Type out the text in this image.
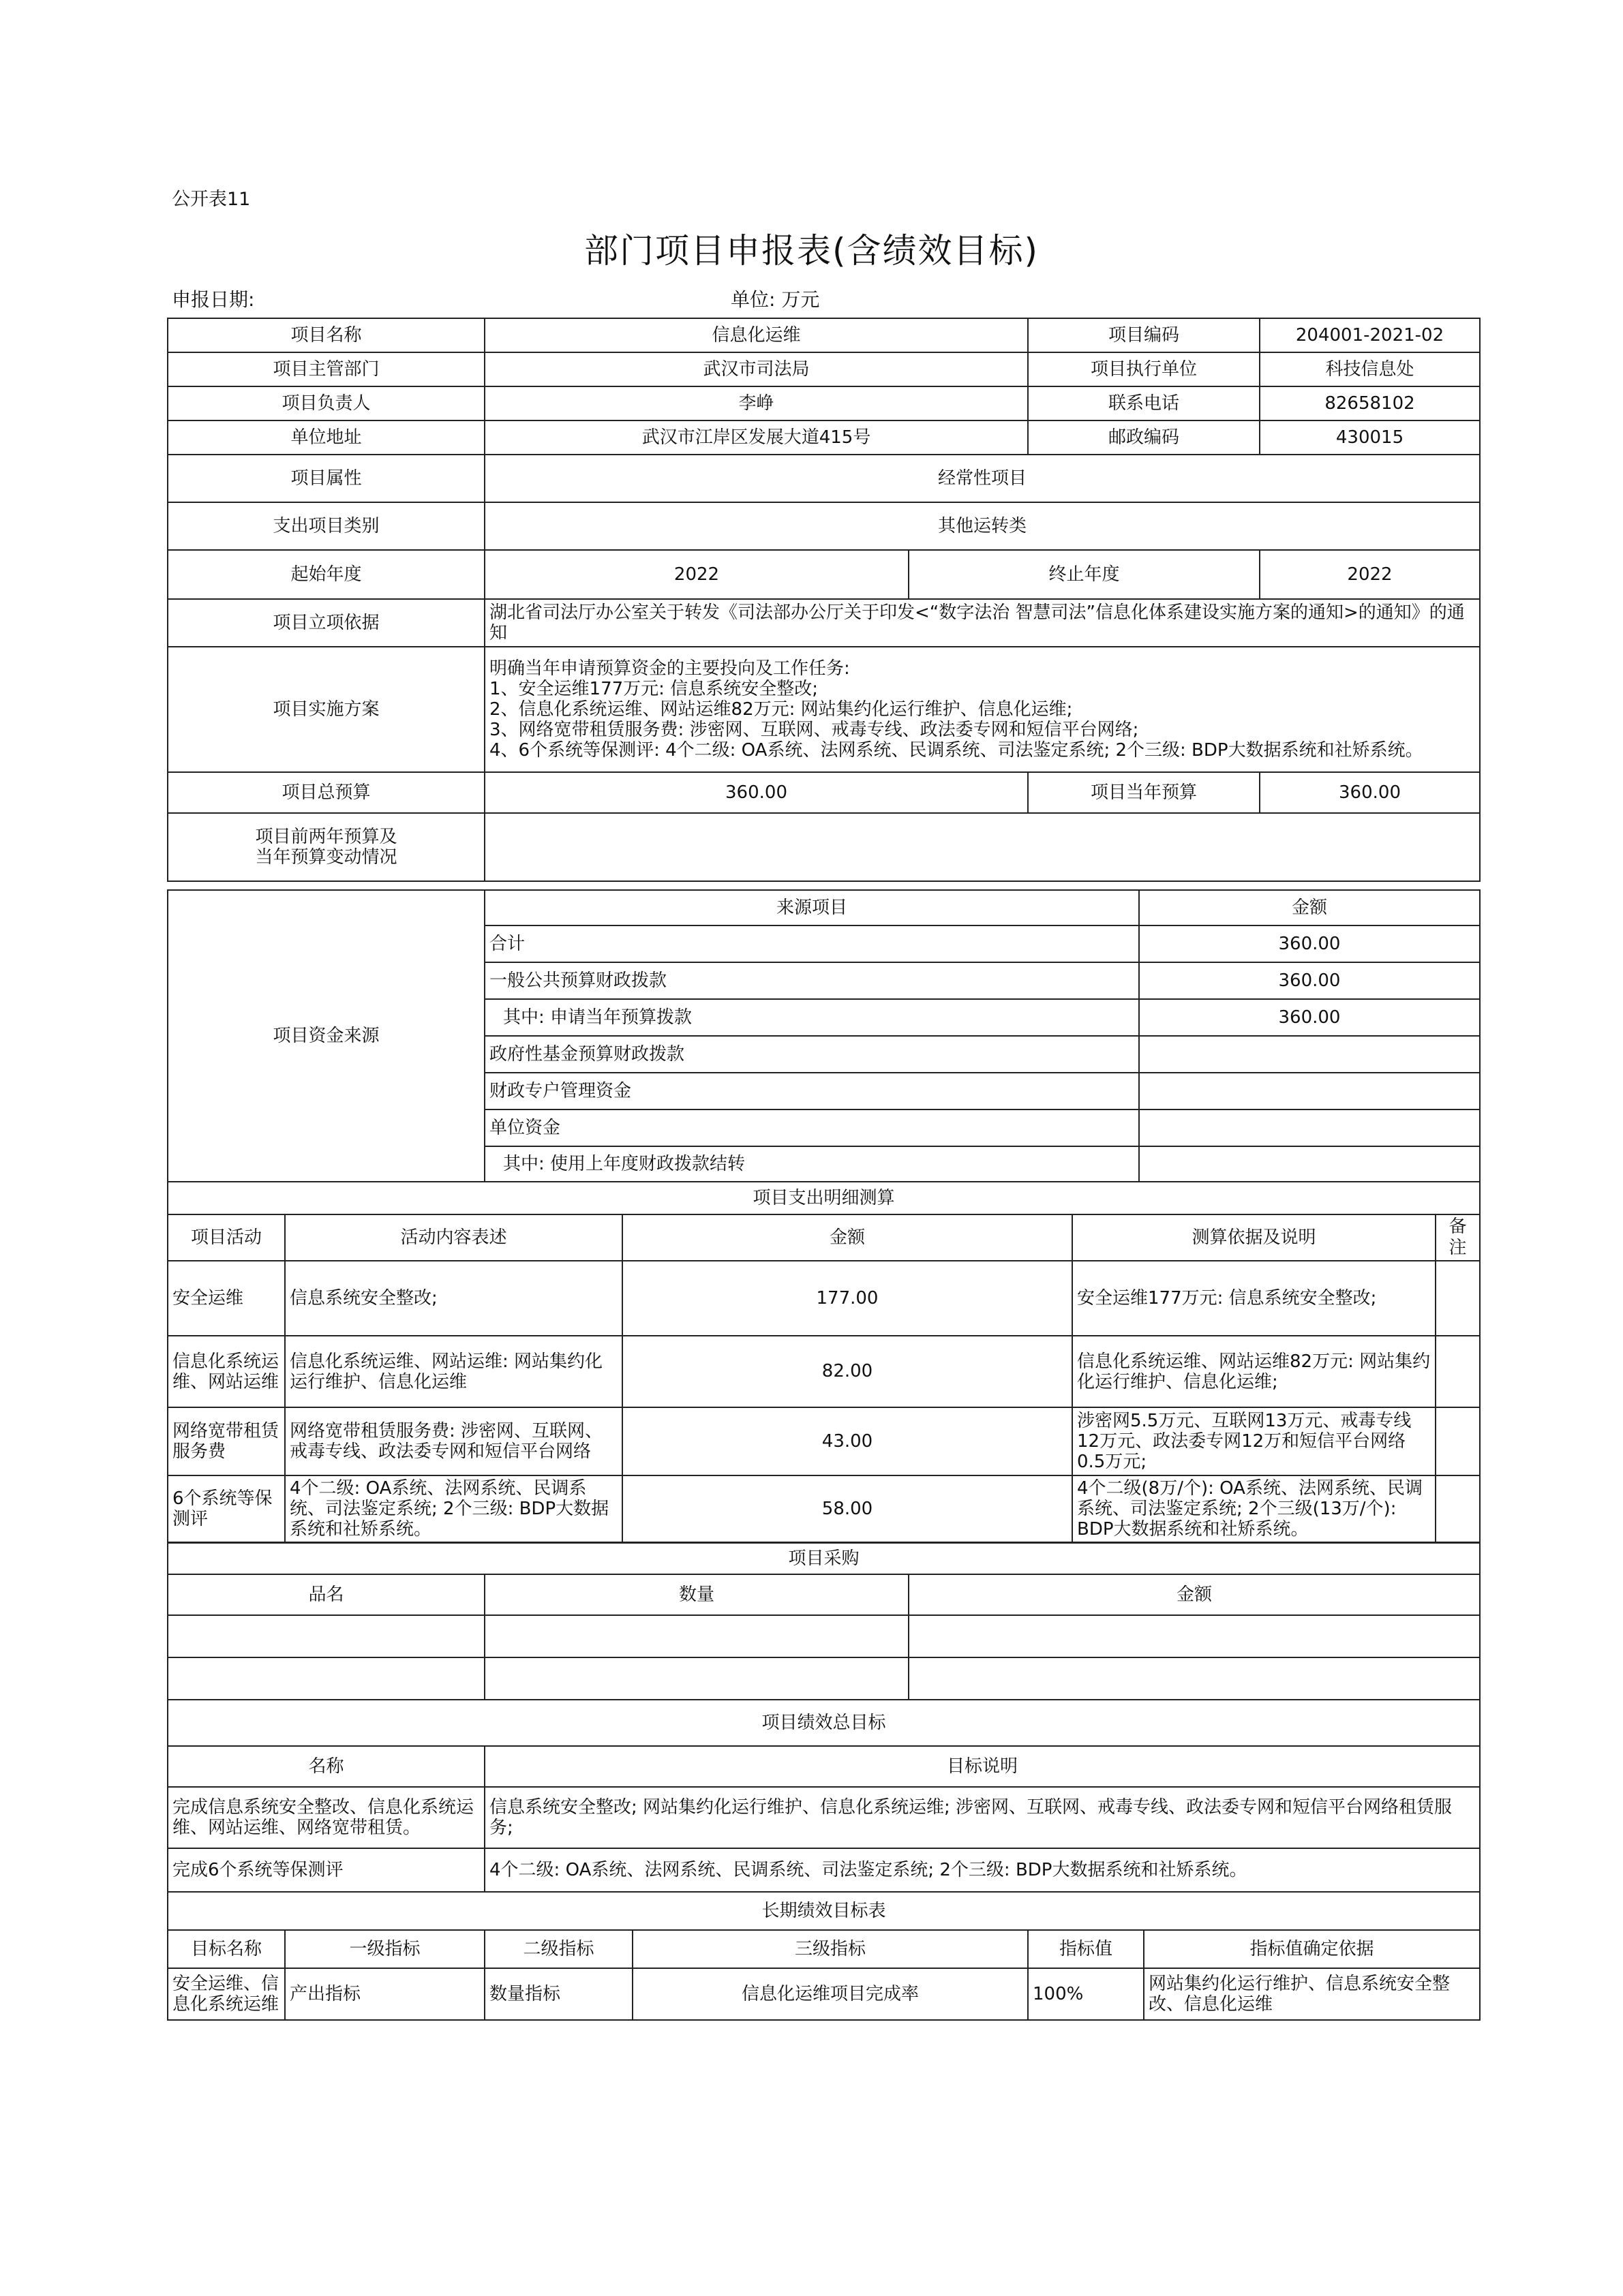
公开表11
部门项目申报表(含绩效目标)
申报日期:	单位: 万元
项目名称	信息化运维		项目编码	204001-2021-02
项目主管部门	武汉市司法局		项目执行单位	科技信息处
项目负责人	李峥		联系电话	82658102
单位地址	武汉市江岸区发展大道415号		邮政编码	430015
项目属性	经常性项目			
支出项目类别	其他运转类			
起始年度	2022	终止年度		2022
项目立项依据	湖北省司法厅办公室关于转发《司法部办公厅关于印发<“数字法治 智慧司法”信息化体系建设实施方案的通知>的通知》的通知			
项目实施方案	明确当年申请预算资金的主要投向及工作任务:
1、安全运维177万元: 信息系统安全整改;
2、信息化系统运维、网站运维82万元: 网站集约化运行维护、信息化运维;
3、网络宽带租赁服务费: 涉密网、互联网、戒毒专线、政法委专网和短信平台网络;
4、6个系统等保测评: 4个二级: OA系统、法网系统、民调系统、司法鉴定系统; 2个三级: BDP大数据系统和社矫系统。			

项目总预算	360.00		项目当年预算	360.00

项目前两年预算及
当年预算变动情况				

项目资金来源	来源项目	金额
	合计	360.00
	一般公共预算财政拨款	360.00
	其中: 申请当年预算拨款	360.00
	政府性基金预算财政拨款	
	财政专户管理资金	
	单位资金	
	其中: 使用上年度财政拨款结转	
项目支出明细测算
项目活动	活动内容表述	金额	测算依据及说明	备注
安全运维	信息系统安全整改;	177.00	安全运维177万元: 信息系统安全整改;	
信息化系统运维、网站运维	信息化系统运维、网站运维: 网站集约化运行维护、信息化运维	82.00	信息化系统运维、网站运维82万元: 网站集约化运行维护、信息化运维;	
网络宽带租赁服务费	网络宽带租赁服务费: 涉密网、互联网、戒毒专线、政法委专网和短信平台网络	43.00	涉密网5.5万元、互联网13万元、戒毒专线12万元、政法委专网12万和短信平台网络0.5万元;	
6个系统等保测评	4个二级: OA系统、法网系统、民调系统、司法鉴定系统; 2个三级: BDP大数据系统和社矫系统。	58.00	4个二级(8万/个): OA系统、法网系统、民调系统、司法鉴定系统; 2个三级(13万/个): BDP大数据系统和社矫系统。	
项目采购		
品名	数量	金额

项目绩效总目标	
名称	目标说明
完成信息系统安全整改、信息化系统运维、网站运维、网络宽带租赁。	信息系统安全整改; 网站集约化运行维护、信息化系统运维; 涉密网、互联网、戒毒专线、政法委专网和短信平台网络租赁服务;
完成6个系统等保测评	4个二级: OA系统、法网系统、民调系统、司法鉴定系统; 2个三级: BDP大数据系统和社矫系统。
长期绩效目标表					
目标名称	一级指标	二级指标	三级指标	指标值	指标值确定依据
安全运维、信息化系统运维	产出指标	数量指标	信息化运维项目完成率	100%	网站集约化运行维护、信息系统安全整改、信息化运维
